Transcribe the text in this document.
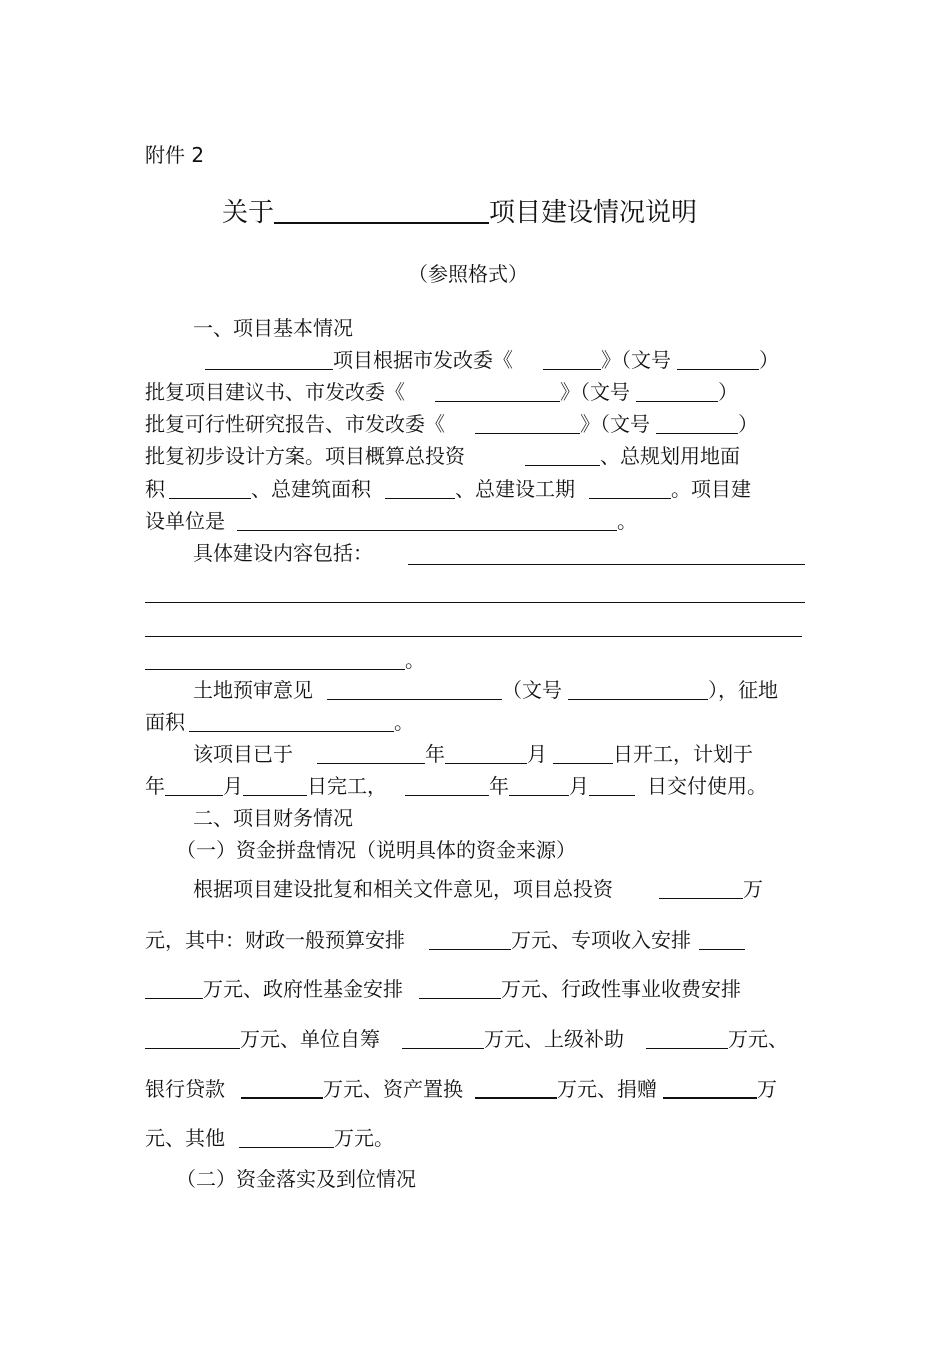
附件 2
关于	项目建设情况说明
（参照格式）
一、项目基本情况
项目根据市发改委《	》（文号	）
批复项目建议书、市发改委《	》（文号	）
批复可行性研究报告、市发改委《	》（文号	）
批复初步设计方案。项目概算总投资	、总规划用地面
积	、总建筑面积	、总建设工期	。项目建
设单位是	。
具体建设内容包括：
。
土地预审意见	（文号	），征地
面积	。
该项目已于	年	月	日开工，计划于
年	月	日完工，	年	月	日交付使用。
二、项目财务情况
（一）资金拼盘情况（说明具体的资金来源）
根据项目建设批复和相关文件意见，项目总投资	万
元，其中：财政一般预算安排	万元、专项收入安排
万元、政府性基金安排	万元、行政性事业收费安排
万元、单位自筹	万元、上级补助	万元、
银行贷款	万元、资产置换	万元、捐赠	万
元、其他	万元。
（二）资金落实及到位情况
